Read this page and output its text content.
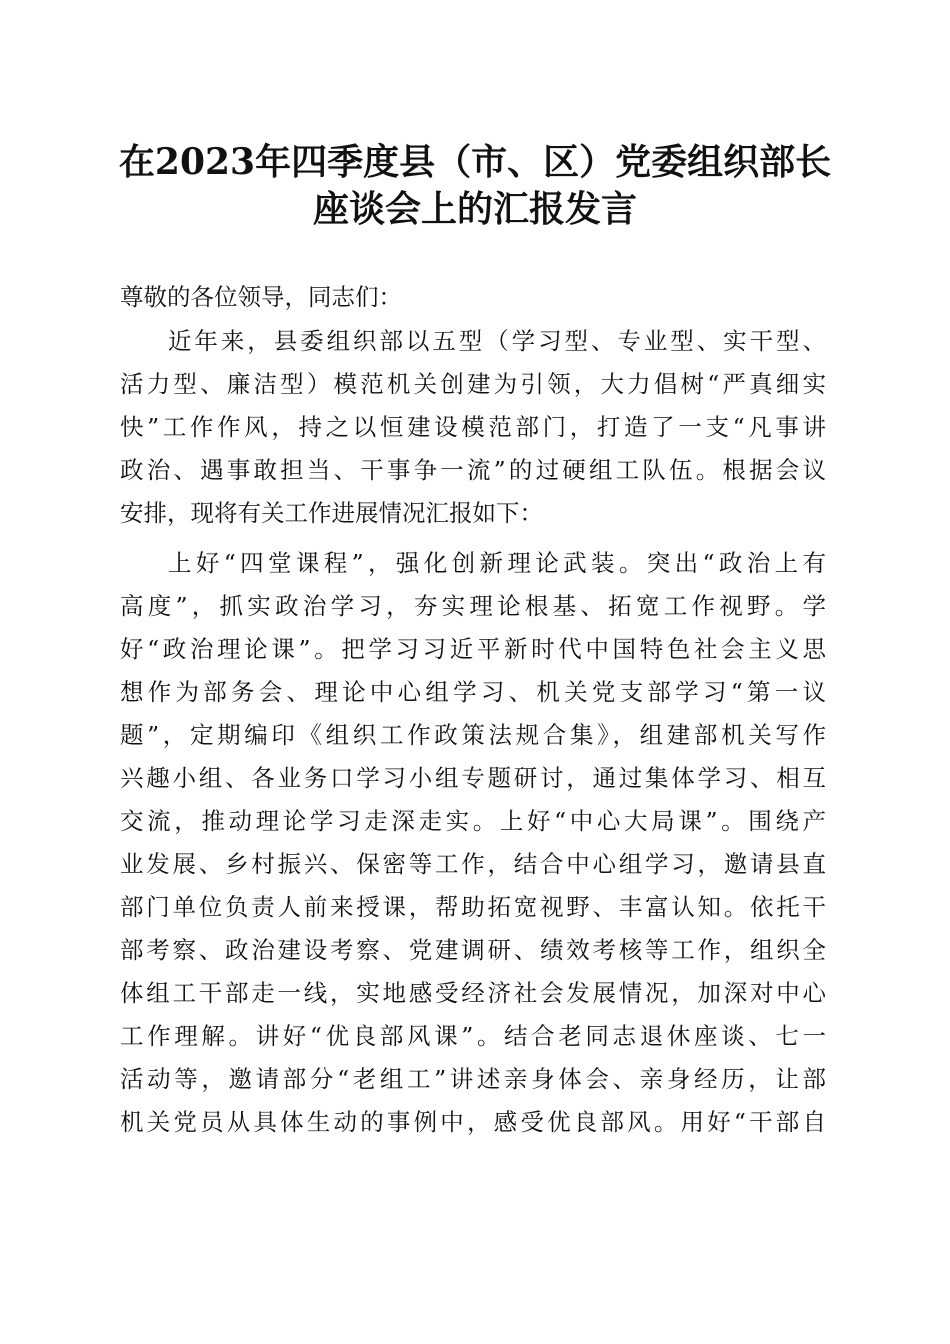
在2023年四季度县（市、区）党委组织部长
座谈会上的汇报发言
尊敬的各位领导，同志们：
近年来，县委组织部以五型（学习型、专业型、实干型、
活力型、廉洁型）模范机关创建为引领，大力倡树“严真细实
快”工作作风，持之以恒建设模范部门，打造了一支“凡事讲
政治、遇事敢担当、干事争一流”的过硬组工队伍。根据会议
安排，现将有关工作进展情况汇报如下：
上好“四堂课程”，强化创新理论武装。突出“政治上有
高度”，抓实政治学习，夯实理论根基、拓宽工作视野。学
好“政治理论课”。把学习习近平新时代中国特色社会主义思
想作为部务会、理论中心组学习、机关党支部学习“第一议
题”，定期编印《组织工作政策法规合集》，组建部机关写作
兴趣小组、各业务口学习小组专题研讨，通过集体学习、相互
交流，推动理论学习走深走实。上好“中心大局课”。围绕产
业发展、乡村振兴、保密等工作，结合中心组学习，邀请县直
部门单位负责人前来授课，帮助拓宽视野、丰富认知。依托干
部考察、政治建设考察、党建调研、绩效考核等工作，组织全
体组工干部走一线，实地感受经济社会发展情况，加深对中心
工作理解。讲好“优良部风课”。结合老同志退休座谈、七一
活动等，邀请部分“老组工”讲述亲身体会、亲身经历，让部
机关党员从具体生动的事例中，感受优良部风。用好“干部自
